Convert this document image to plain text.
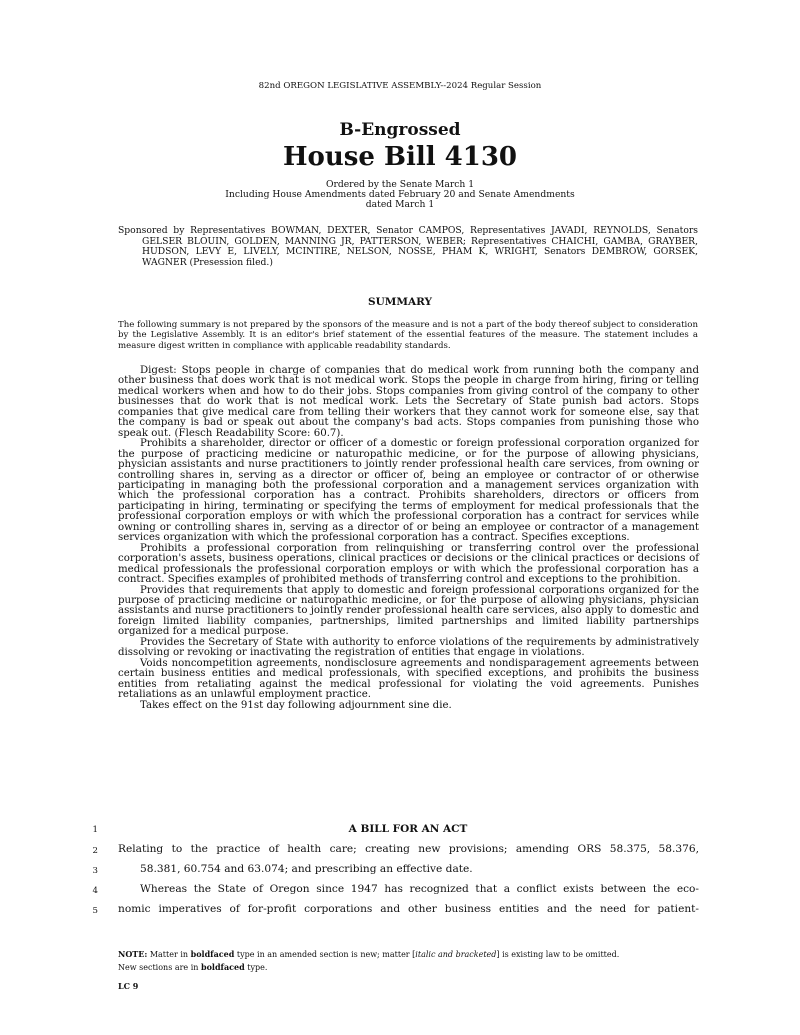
82nd OREGON LEGISLATIVE ASSEMBLY--2024 Regular Session
B-Engrossed
House Bill 4130
Ordered by the Senate March 1
Including House Amendments dated February 20 and Senate Amendments
dated March 1
Sponsored by Representatives BOWMAN, DEXTER, Senator CAMPOS, Representatives JAVADI, REYNOLDS, Senators GELSER BLOUIN, GOLDEN, MANNING JR, PATTERSON, WEBER; Representatives CHAICHI, GAMBA, GRAYBER, HUDSON, LEVY E, LIVELY, MCINTIRE, NELSON, NOSSE, PHAM K, WRIGHT, Senators DEMBROW, GORSEK, WAGNER (Presession filed.)
SUMMARY
The following summary is not prepared by the sponsors of the measure and is not a part of the body thereof subject to consideration by the Legislative Assembly. It is an editor's brief statement of the essential features of the measure. The statement includes a measure digest written in compliance with applicable readability standards.

Digest: Stops people in charge of companies that do medical work from running both the company and other business that does work that is not medical work. Stops the people in charge from hiring, firing or telling medical workers when and how to do their jobs. Stops companies from giving control of the company to other businesses that do work that is not medical work. Lets the Secretary of State punish bad actors. Stops companies that give medical care from telling their workers that they cannot work for someone else, say that the company is bad or speak out about the company's bad acts. Stops companies from punishing those who speak out. (Flesch Readability Score: 60.7).

Prohibits a shareholder, director or officer of a domestic or foreign professional corporation organized for the purpose of practicing medicine or naturopathic medicine, or for the purpose of allowing physicians, physician assistants and nurse practitioners to jointly render professional health care services, from owning or controlling shares in, serving as a director or officer of, being an employee or contractor of or otherwise participating in managing both the professional corporation and a management services organization with which the professional corporation has a contract. Prohibits shareholders, directors or officers from participating in hiring, terminating or specifying the terms of employment for medical professionals that the professional corporation employs or with which the professional corporation has a contract for services while owning or controlling shares in, serving as a director of or being an employee or contractor of a management services organization with which the professional corporation has a contract. Specifies exceptions.

Prohibits a professional corporation from relinquishing or transferring control over the professional corporation's assets, business operations, clinical practices or decisions or the clinical practices or decisions of medical professionals the professional corporation employs or with which the professional corporation has a contract. Specifies examples of prohibited methods of transferring control and exceptions to the prohibition.

Provides that requirements that apply to domestic and foreign professional corporations organized for the purpose of practicing medicine or naturopathic medicine, or for the purpose of allowing physicians, physician assistants and nurse practitioners to jointly render professional health care services, also apply to domestic and foreign limited liability companies, partnerships, limited partnerships and limited liability partnerships organized for a medical purpose.

Provides the Secretary of State with authority to enforce violations of the requirements by administratively dissolving or revoking or inactivating the registration of entities that engage in violations.

Voids noncompetition agreements, nondisclosure agreements and nondisparagement agreements between certain business entities and medical professionals, with specified exceptions, and prohibits the business entities from retaliating against the medical professional for violating the void agreements. Punishes retaliations as an unlawful employment practice.

Takes effect on the 91st day following adjournment sine die.

1	A BILL FOR AN ACT
2 Relating to the practice of health care; creating new provisions; amending ORS 58.375, 58.376,
3	58.381, 60.754 and 63.074; and prescribing an effective date.
4	Whereas the State of Oregon since 1947 has recognized that a conflict exists between the eco-
5 nomic imperatives of for-profit corporations and other business entities and the need for patient-
NOTE: Matter in boldfaced type in an amended section is new; matter [italic and bracketed] is existing law to be omitted.
New sections are in boldfaced type.
LC 9
